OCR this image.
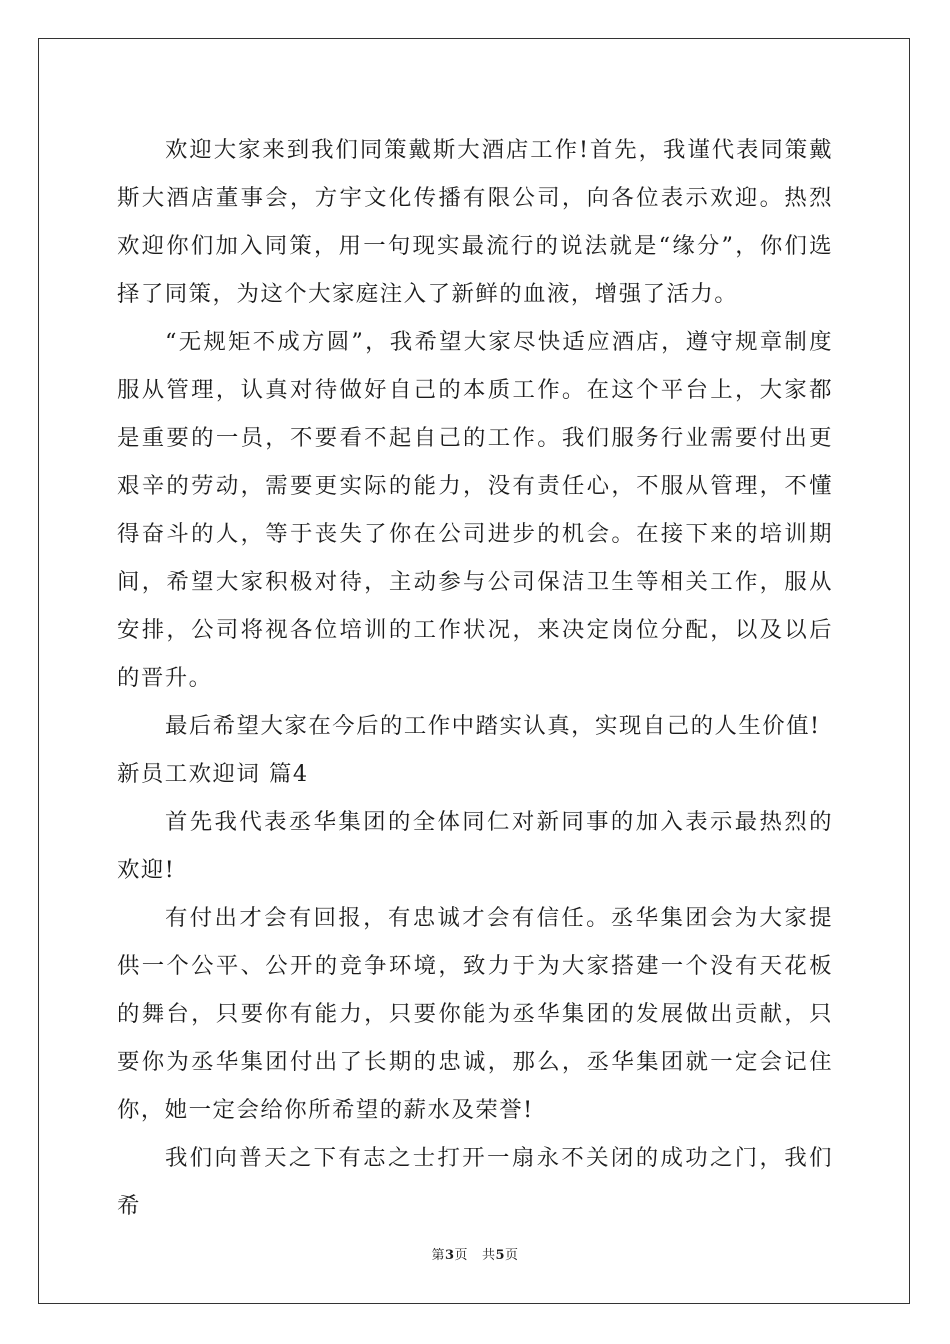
欢迎大家来到我们同策戴斯大酒店工作!首先，我谨代表同策戴斯大酒店董事会，方宇文化传播有限公司，向各位表示欢迎。热烈欢迎你们加入同策，用一句现实最流行的说法就是“缘分”，你们选择了同策，为这个大家庭注入了新鲜的血液，增强了活力。

“无规矩不成方圆”，我希望大家尽快适应酒店，遵守规章制度服从管理，认真对待做好自己的本质工作。在这个平台上，大家都是重要的一员，不要看不起自己的工作。我们服务行业需要付出更艰辛的劳动，需要更实际的能力，没有责任心，不服从管理，不懂得奋斗的人，等于丧失了你在公司进步的机会。在接下来的培训期间，希望大家积极对待，主动参与公司保洁卫生等相关工作，服从安排，公司将视各位培训的工作状况，来决定岗位分配，以及以后的晋升。

最后希望大家在今后的工作中踏实认真，实现自己的人生价值!

新员工欢迎词 篇4

首先我代表丞华集团的全体同仁对新同事的加入表示最热烈的欢迎!

有付出才会有回报，有忠诚才会有信任。丞华集团会为大家提供一个公平、公开的竞争环境，致力于为大家搭建一个没有天花板的舞台，只要你有能力，只要你能为丞华集团的发展做出贡献，只要你为丞华集团付出了长期的忠诚，那么，丞华集团就一定会记住你，她一定会给你所希望的薪水及荣誉!

我们向普天之下有志之士打开一扇永不关闭的成功之门，我们希

第3页 共5页
